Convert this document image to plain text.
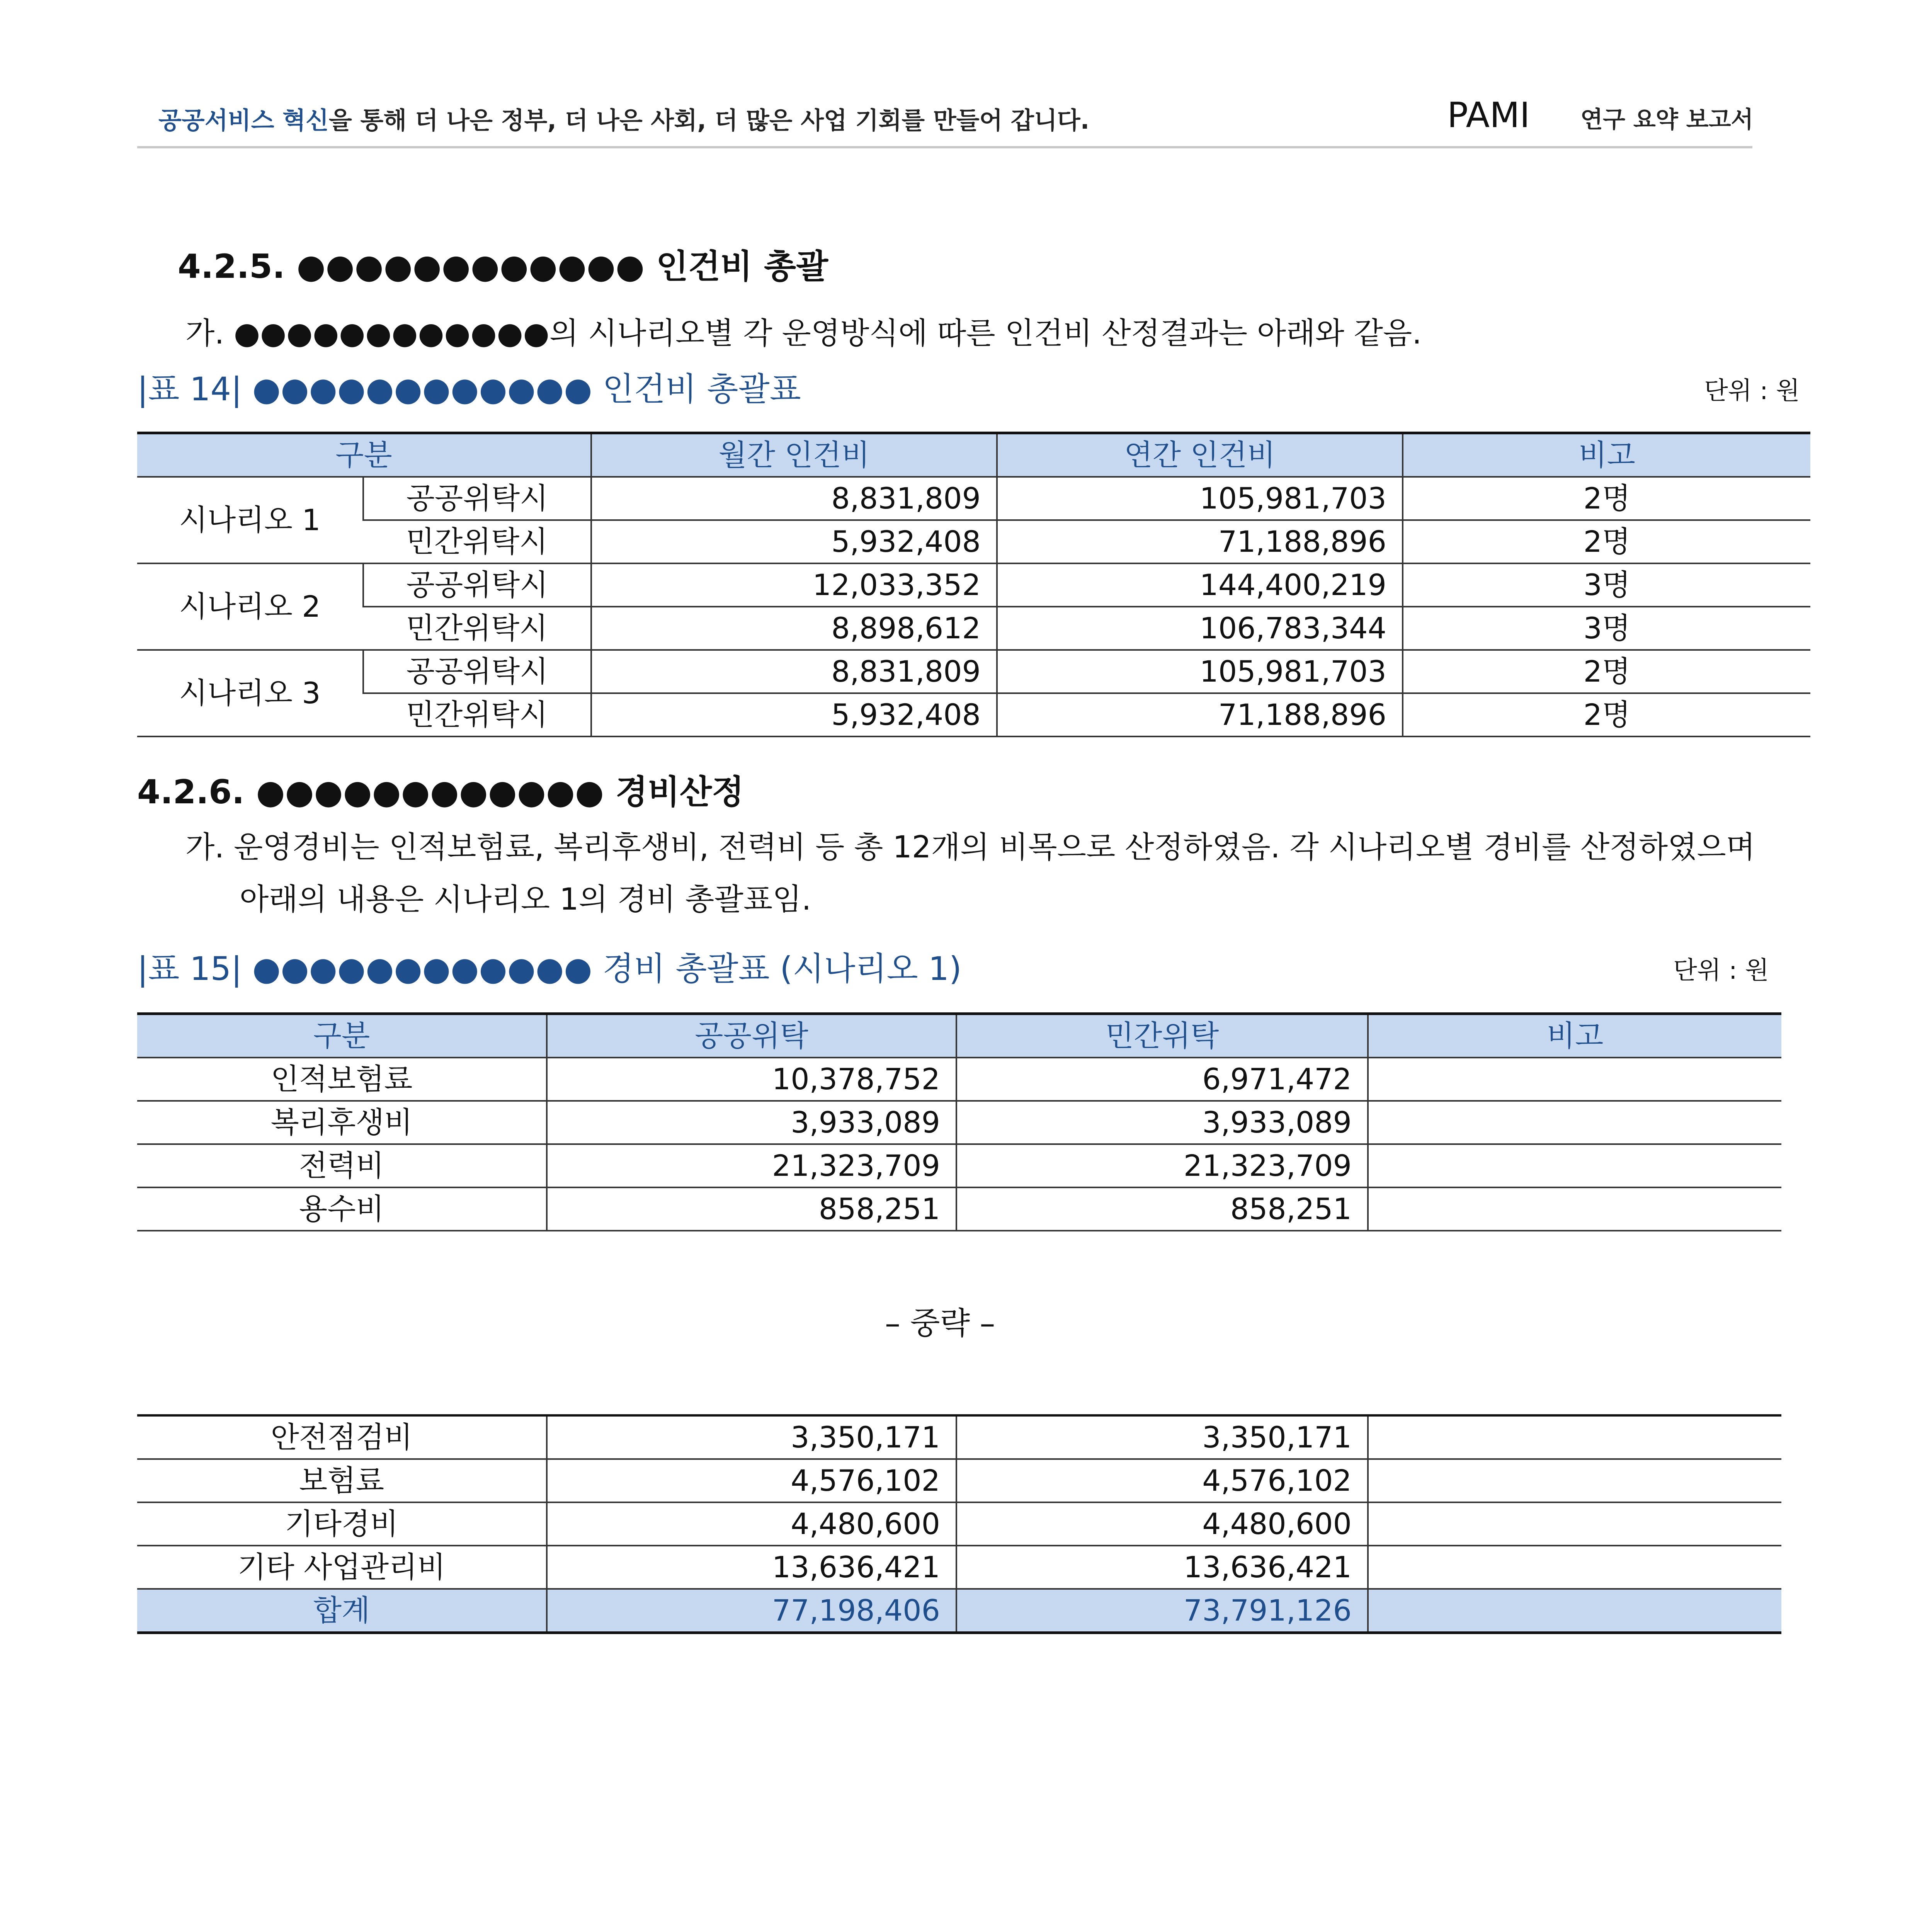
공공서비스 혁신을 통해 더 나은 정부, 더 나은 사회, 더 많은 사업 기회를 만들어 갑니다.	PAMI 연구 요약 보고서
4.2.5. ●●●●●●●●●●●● 인건비 총괄
가. ●●●●●●●●●●●●의 시나리오별 각 운영방식에 따른 인건비 산정결과는 아래와 같음.
|표 14| ●●●●●●●●●●●● 인건비 총괄표	단위 : 원
구분		월간 인건비	연간 인건비	비고
시나리오 1	공공위탁시	8,831,809	105,981,703	2명
	민간위탁시	5,932,408	71,188,896	2명
시나리오 2	공공위탁시	12,033,352	144,400,219	3명
	민간위탁시	8,898,612	106,783,344	3명
시나리오 3	공공위탁시	8,831,809	105,981,703	2명
	민간위탁시	5,932,408	71,188,896	2명
4.2.6. ●●●●●●●●●●●● 경비산정
가. 운영경비는 인적보험료, 복리후생비, 전력비 등 총 12개의 비목으로 산정하였음. 각 시나리오별 경비를 산정하였으며
아래의 내용은 시나리오 1의 경비 총괄표임.
|표 15| ●●●●●●●●●●●● 경비 총괄표 (시나리오 1)	단위 : 원
구분	공공위탁	민간위탁	비고
인적보험료	10,378,752	6,971,472	
복리후생비	3,933,089	3,933,089	
전력비	21,323,709	21,323,709	
용수비	858,251	858,251	
– 중략 –
안전점검비	3,350,171	3,350,171	
보험료	4,576,102	4,576,102	
기타경비	4,480,600	4,480,600	
기타 사업관리비	13,636,421	13,636,421	
합계	77,198,406	73,791,126	
